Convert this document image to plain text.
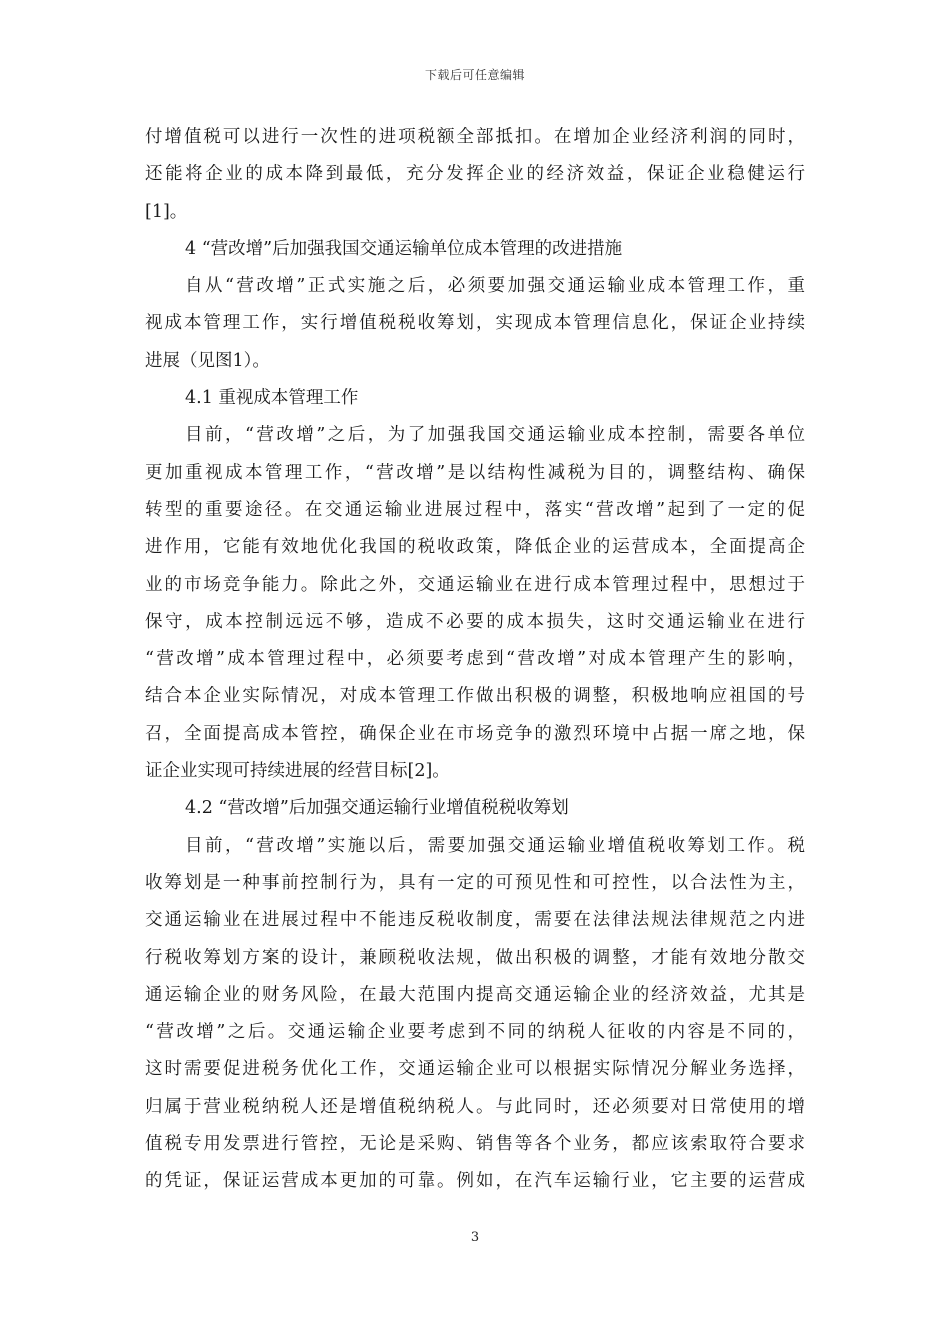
下载后可任意编辑
付增值税可以进行一次性的进项税额全部抵扣。在增加企业经济利润的同时，
还能将企业的成本降到最低，充分发挥企业的经济效益，保证企业稳健运行
[1]。
4 “营改增”后加强我国交通运输单位成本管理的改进措施
自从“营改增”正式实施之后，必须要加强交通运输业成本管理工作，重
视成本管理工作，实行增值税税收筹划，实现成本管理信息化，保证企业持续
进展（见图1）。
4.1 重视成本管理工作
目前，“营改增”之后，为了加强我国交通运输业成本控制，需要各单位
更加重视成本管理工作，“营改增”是以结构性减税为目的，调整结构、确保
转型的重要途径。在交通运输业进展过程中，落实“营改增”起到了一定的促
进作用，它能有效地优化我国的税收政策，降低企业的运营成本，全面提高企
业的市场竞争能力。除此之外，交通运输业在进行成本管理过程中，思想过于
保守，成本控制远远不够，造成不必要的成本损失，这时交通运输业在进行
“营改增”成本管理过程中，必须要考虑到“营改增”对成本管理产生的影响，
结合本企业实际情况，对成本管理工作做出积极的调整，积极地响应祖国的号
召，全面提高成本管控，确保企业在市场竞争的激烈环境中占据一席之地，保
证企业实现可持续进展的经营目标[2]。
4.2 “营改增”后加强交通运输行业增值税税收筹划
目前，“营改增”实施以后，需要加强交通运输业增值税收筹划工作。税
收筹划是一种事前控制行为，具有一定的可预见性和可控性，以合法性为主，
交通运输业在进展过程中不能违反税收制度，需要在法律法规法律规范之内进
行税收筹划方案的设计，兼顾税收法规，做出积极的调整，才能有效地分散交
通运输企业的财务风险，在最大范围内提高交通运输企业的经济效益，尤其是
“营改增”之后。交通运输企业要考虑到不同的纳税人征收的内容是不同的，
这时需要促进税务优化工作，交通运输企业可以根据实际情况分解业务选择，
归属于营业税纳税人还是增值税纳税人。与此同时，还必须要对日常使用的增
值税专用发票进行管控，无论是采购、销售等各个业务，都应该索取符合要求
的凭证，保证运营成本更加的可靠。例如，在汽车运输行业，它主要的运营成
3
